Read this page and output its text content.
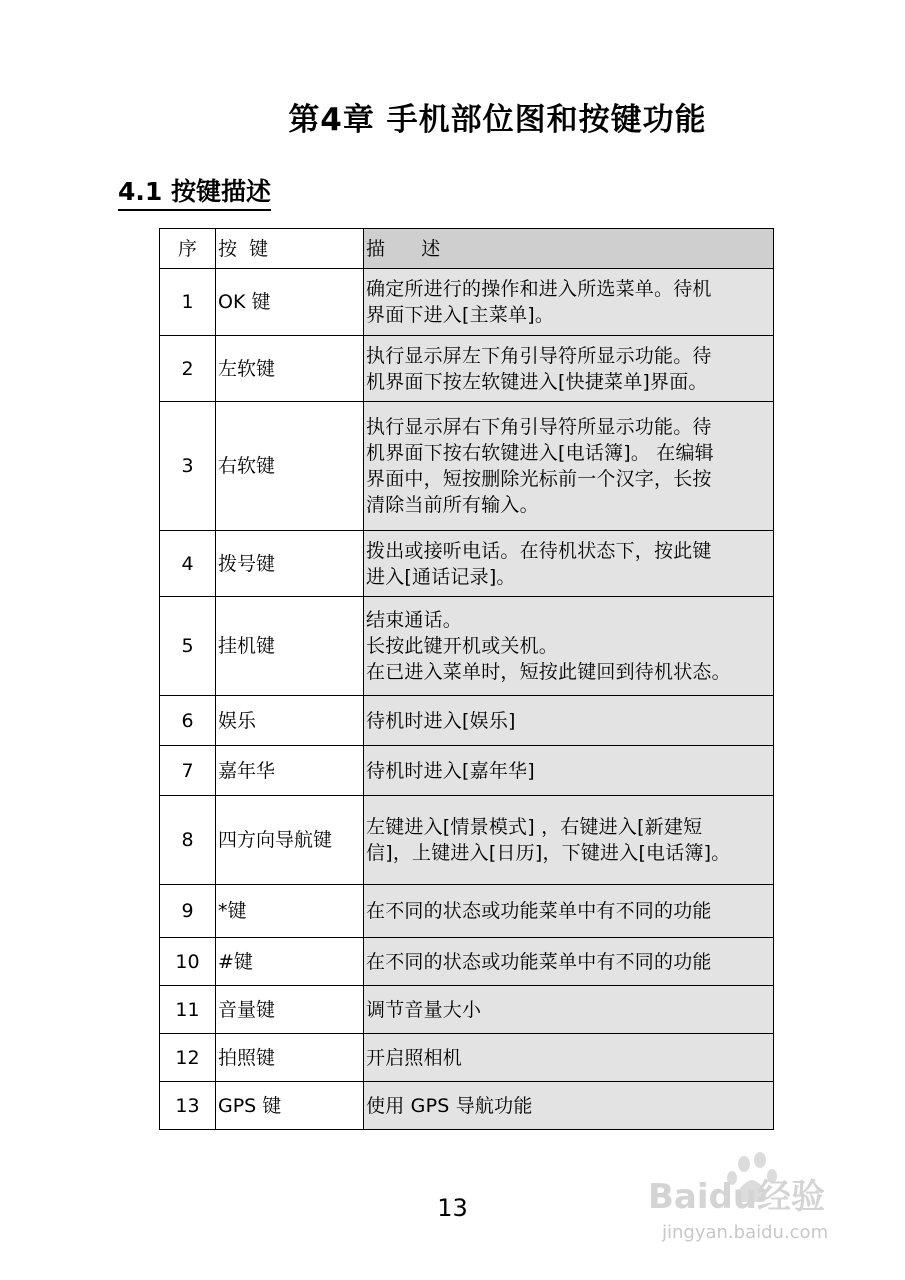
第4章 手机部位图和按键功能
4.1 按键描述
序	按  键	描      述
1	OK 键	确定所进行的操作和进入所选菜单。待机
界面下进入[主菜单]。

2	左软键	执行显示屏左下角引导符所显示功能。待
机界面下按左软键进入[快捷菜单]界面。

3	右软键	执行显示屏右下角引导符所显示功能。待
机界面下按右软键进入[电话簿]。 在编辑
界面中，短按删除光标前一个汉字，长按
清除当前所有输入。

4	拨号键	拨出或接听电话。在待机状态下，按此键
进入[通话记录]。

5	挂机键	结束通话。
长按此键开机或关机。
在已进入菜单时，短按此键回到待机状态。

6	娱乐	待机时进入[娱乐]

7	嘉年华	待机时进入[嘉年华]

8	四方向导航键	左键进入[情景模式] ，右键进入[新建短
信]，上键进入[日历]，下键进入[电话簿]。

9	*键	在不同的状态或功能菜单中有不同的功能

10	#键	在不同的状态或功能菜单中有不同的功能

11	音量键	调节音量大小

12	拍照键	开启照相机

13	GPS 键	使用 GPS 导航功能
13	Baidu经验
jingyan.baidu.com
